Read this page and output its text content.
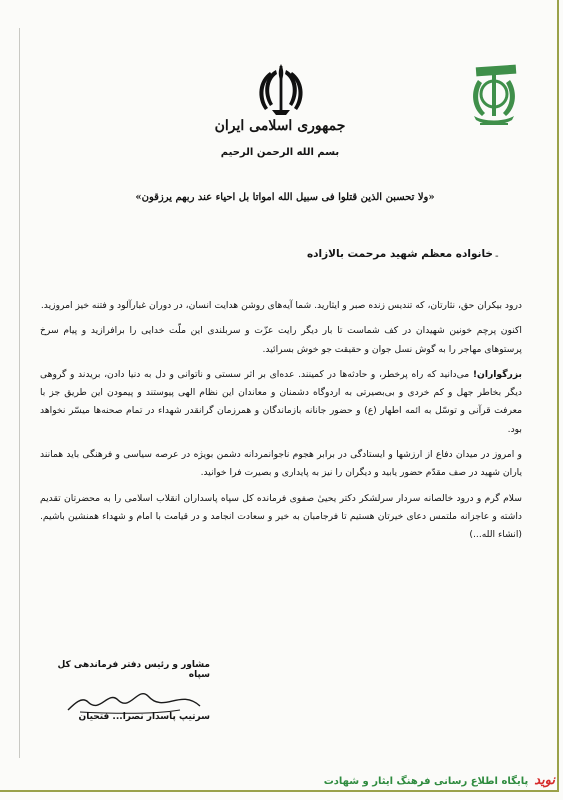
جمهوری اسلامی ایران
بسم الله الرحمن الرحیم
«ولا تحسبن الذین قتلوا فی سبیل الله امواتا بل احیاء عند ربهم یرزقون»
-
خانواده معظم شهید مرحمت بالازاده

درود بیکران حق، نثارتان، که تندیس زنده صبر و ایثارید. شما آیه‌های روشن هدایت انسان، در دوران غبارآلود و فتنه خیز امروزید.

اکنون پرچم خونین شهیدان در کف شماست تا بار دیگر رایت عزّت و سربلندی این ملّت خدایی را برافرازید و پیام سرخ پرستوهای مهاجر را به گوش نسل جوان و حقیقت جو خوش بسرائید.

بزرگواران! می‌دانید که راه پرخطر، و حادثه‌ها در کمینند. عده‌ای بر اثر سستی و ناتوانی و دل به دنیا دادن، بریدند و گروهی دیگر بخاطر جهل و کم خردی و بی‌بصیرتی به اردوگاه دشمنان و معاندان این نظام الهی پیوستند و پیمودن این طریق جز با معرفت قرآنی و توسّل به ائمه اطهار (ع) و حضور جانانه بازماندگان و همرزمان گرانقدر شهداء در تمام صحنه‌ها میسّر نخواهد بود.

و امروز در میدان دفاع از ارزشها و ایستادگی در برابر هجوم ناجوانمردانه دشمن بویژه در عرصه سیاسی و فرهنگی باید همانند یاران شهید در صف مقدّم حضور یابید و دیگران را نیز به پایداری و بصیرت فرا خوانید.

سلام گرم و درود خالصانه سردار سرلشکر دکتر یحییٰ صفوی فرمانده کل سپاه پاسداران انقلاب اسلامی را به محضرتان تقدیم داشته و عاجزانه ملتمس دعای خیرتان هستیم تا فرجامبان به خیر و سعادت انجامد و در قیامت با امام و شهداء همنشین باشیم. (انشاء الله...)

مشاور و رئیس دفتر فرماندهی کل سپاه
سرتیپ پاسدار نصرا... فتحیان
نویدپایگاه اطلاع رسانی فرهنگ ایثار و شهادت
